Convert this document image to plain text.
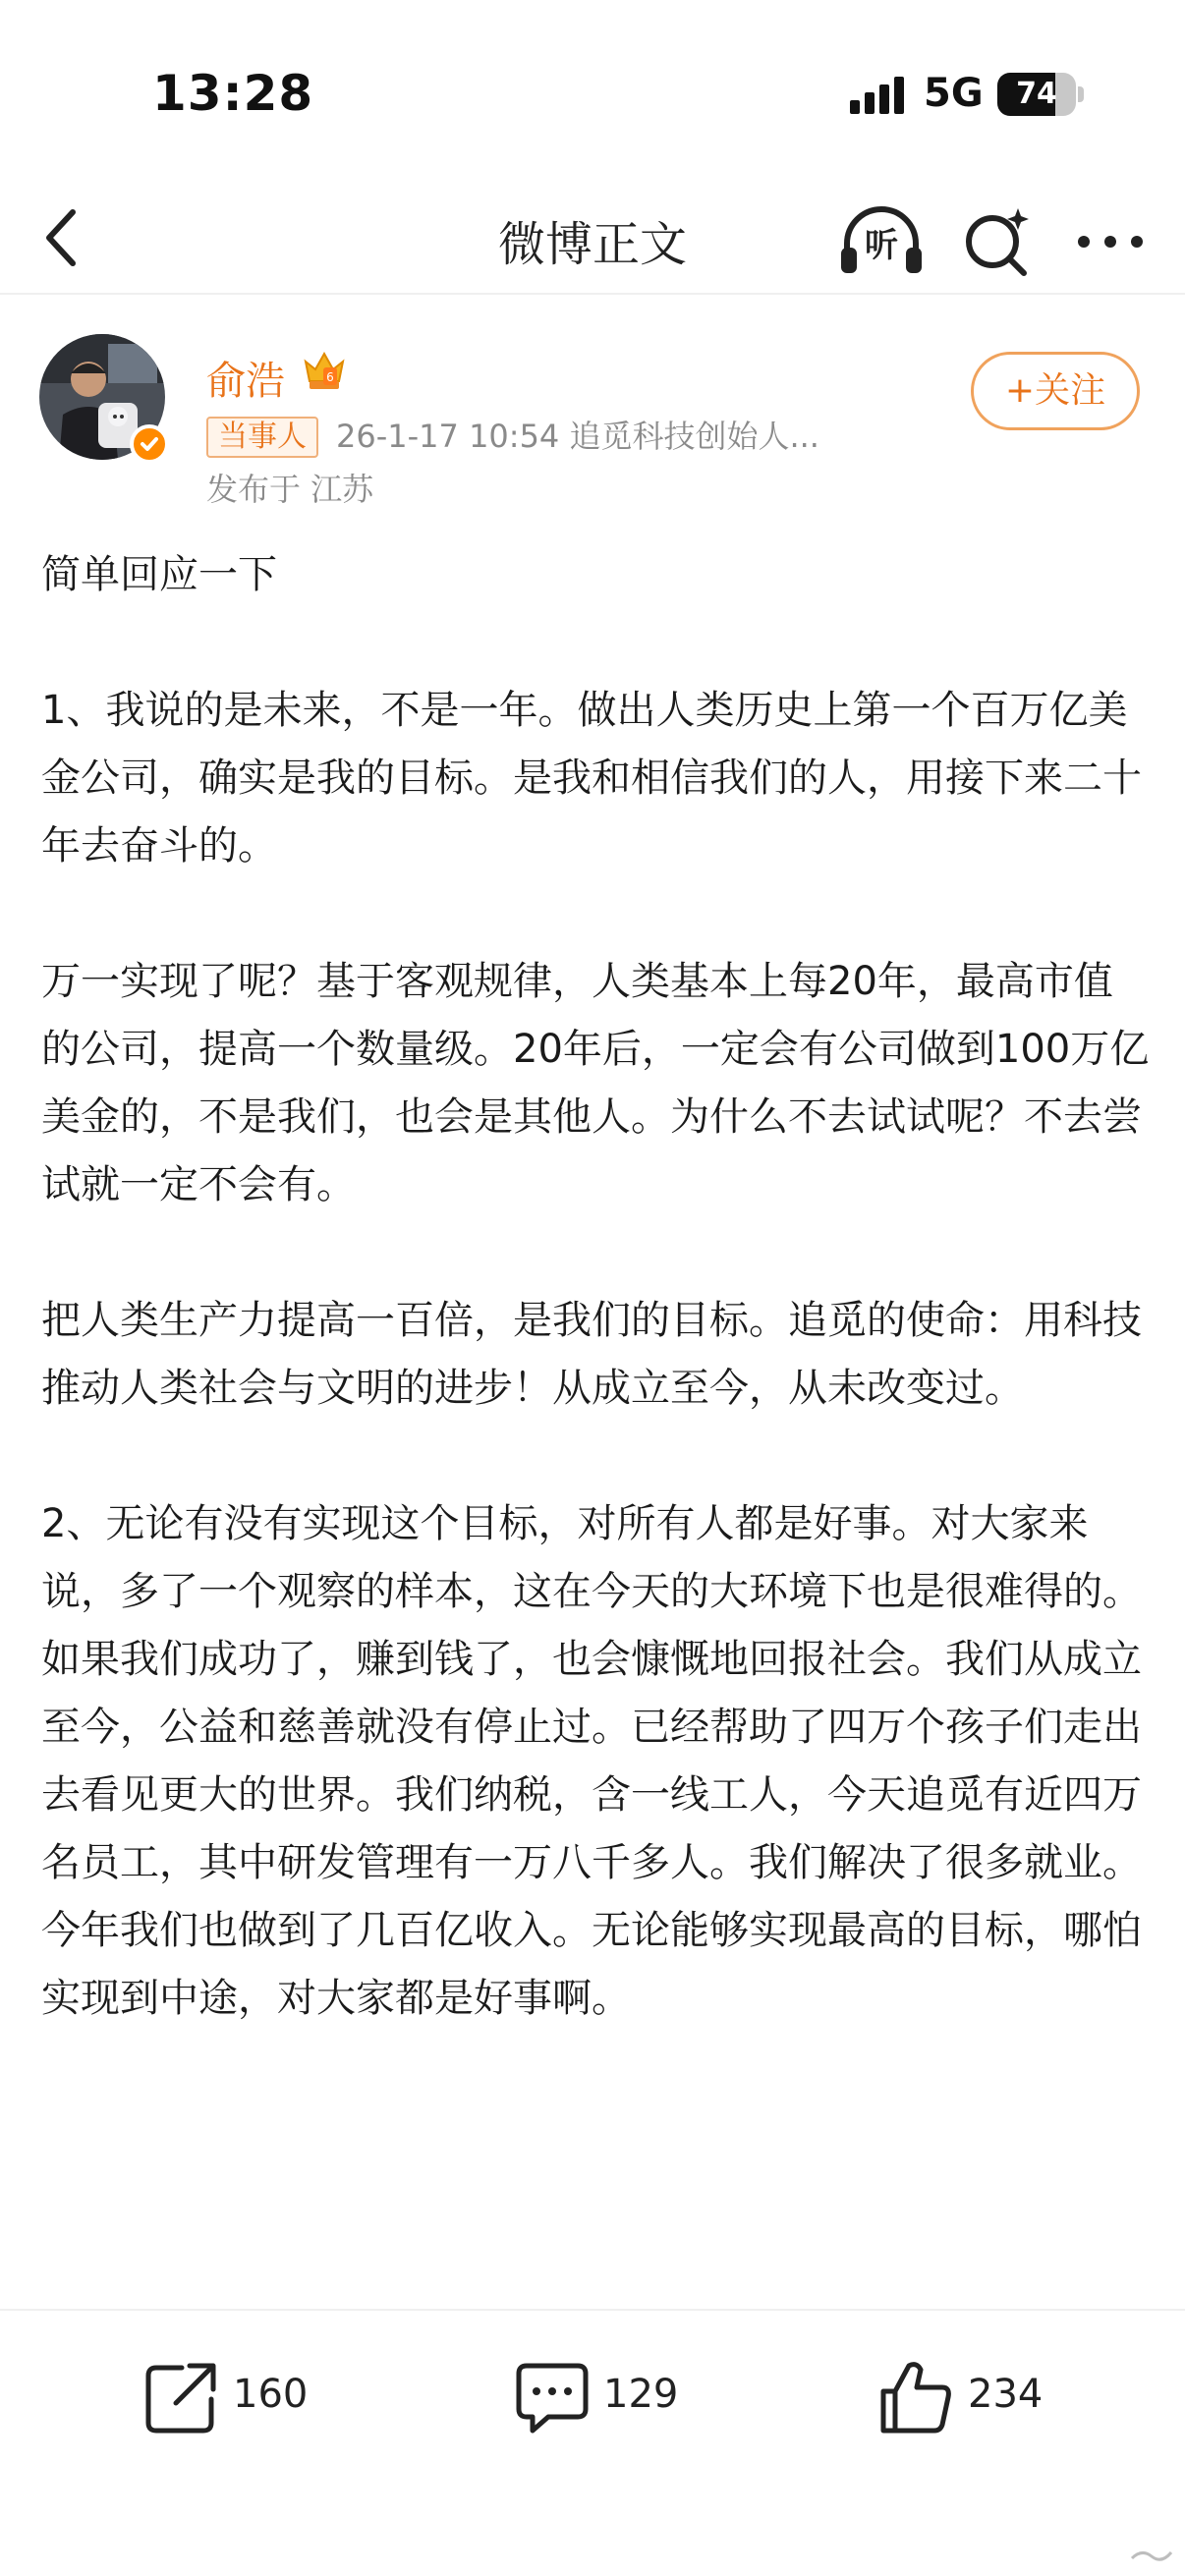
13:28	5G	74
微博正文	听
俞浩	6
当事人 26-1-17 10:54 追觅科技创始人...
发布于 江苏
+关注

简单回应一下

1、我说的是未来，不是一年。做出人类历史上第一个百万亿美金公司，确实是我的目标。是我和相信我们的人，用接下来二十年去奋斗的。

万一实现了呢？基于客观规律，人类基本上每20年，最高市值的公司，提高一个数量级。20年后，一定会有公司做到100万亿美金的，不是我们，也会是其他人。为什么不去试试呢？不去尝试就一定不会有。

把人类生产力提高一百倍，是我们的目标。追觅的使命：用科技推动人类社会与文明的进步！从成立至今，从未改变过。

2、无论有没有实现这个目标，对所有人都是好事。对大家来说，多了一个观察的样本，这在今天的大环境下也是很难得的。如果我们成功了，赚到钱了，也会慷慨地回报社会。我们从成立至今，公益和慈善就没有停止过。已经帮助了四万个孩子们走出去看见更大的世界。我们纳税，含一线工人，今天追觅有近四万名员工，其中研发管理有一万八千多人。我们解决了很多就业。今年我们也做到了几百亿收入。无论能够实现最高的目标，哪怕实现到中途，对大家都是好事啊。

160	129	234
